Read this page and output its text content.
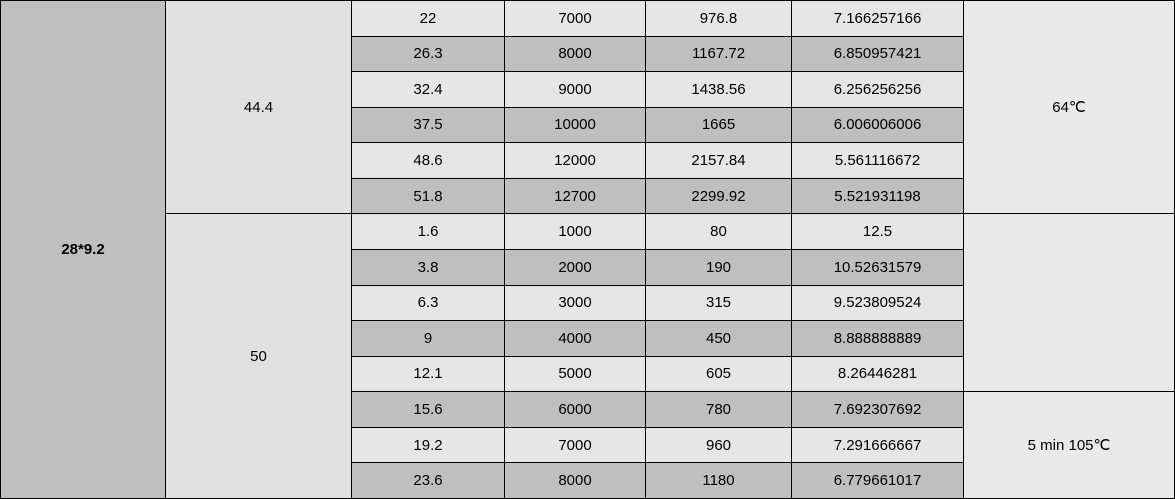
28*9.2	44.4	22	7000	976.8	7.166257166	64℃
		26.3	8000	1167.72	6.850957421	
		32.4	9000	1438.56	6.256256256	
		37.5	10000	1665	6.006006006	
		48.6	12000	2157.84	5.561116672	
		51.8	12700	2299.92	5.521931198	
	50	1.6	1000	80	12.5	
		3.8	2000	190	10.52631579	
		6.3	3000	315	9.523809524	
		9	4000	450	8.888888889	
		12.1	5000	605	8.26446281	
		15.6	6000	780	7.692307692	5 min 105℃
		19.2	7000	960	7.291666667	
		23.6	8000	1180	6.779661017	
